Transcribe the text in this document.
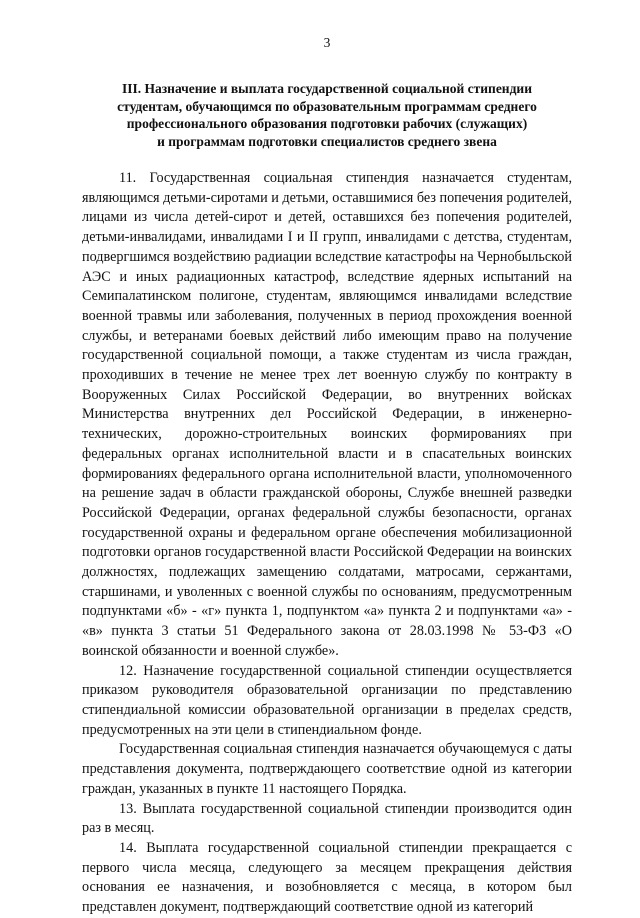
3
III. Назначение и выплата государственной социальной стипендии
студентам, обучающимся по образовательным программам среднего
профессионального образования подготовки рабочих (служащих)
и программам подготовки специалистов среднего звена

11. Государственная социальная стипендия назначается студентам, являющимся детьми-сиротами и детьми, оставшимися без попечения родителей, лицами из числа детей-сирот и детей, оставшихся без попечения родителей, детьми-инвалидами, инвалидами I и II групп, инвалидами с детства, студентам, подвергшимся воздействию радиации вследствие катастрофы на Чернобыльской АЭС и иных радиационных катастроф, вследствие ядерных испытаний на Семипалатинском полигоне, студентам, являющимся инвалидами вследствие военной травмы или заболевания, полученных в период прохождения военной службы, и ветеранами боевых действий либо имеющим право на получение государственной социальной помощи, а также студентам из числа граждан, проходивших в течение не менее трех лет военную службу по контракту в Вооруженных Силах Российской Федерации, во внутренних войсках Министерства внутренних дел Российской Федерации, в инженерно-технических, дорожно-строительных воинских формированиях при федеральных органах исполнительной власти и в спасательных воинских формированиях федерального органа исполнительной власти, уполномоченного на решение задач в области гражданской обороны, Службе внешней разведки Российской Федерации, органах федеральной службы безопасности, органах государственной охраны и федеральном органе обеспечения мобилизационной подготовки органов государственной власти Российской Федерации на воинских должностях, подлежащих замещению солдатами, матросами, сержантами, старшинами, и уволенных с военной службы по основаниям, предусмотренным подпунктами «б» - «г» пункта 1, подпунктом «а» пункта 2 и подпунктами «а» - «в» пункта 3 статьи 51 Федерального закона от 28.03.1998 № 53-ФЗ «О воинской обязанности и военной службе».

12. Назначение государственной социальной стипендии осуществляется приказом руководителя образовательной организации по представлению стипендиальной комиссии образовательной организации в пределах средств, предусмотренных на эти цели в стипендиальном фонде.

Государственная социальная стипендия назначается обучающемуся с даты представления документа, подтверждающего соответствие одной из категории граждан, указанных в пункте 11 настоящего Порядка.

13. Выплата государственной социальной стипендии производится один раз в месяц.

14. Выплата государственной социальной стипендии прекращается с первого числа месяца, следующего за месяцем прекращения действия основания ее назначения, и возобновляется с месяца, в котором был представлен документ, подтверждающий соответствие одной из категорий
